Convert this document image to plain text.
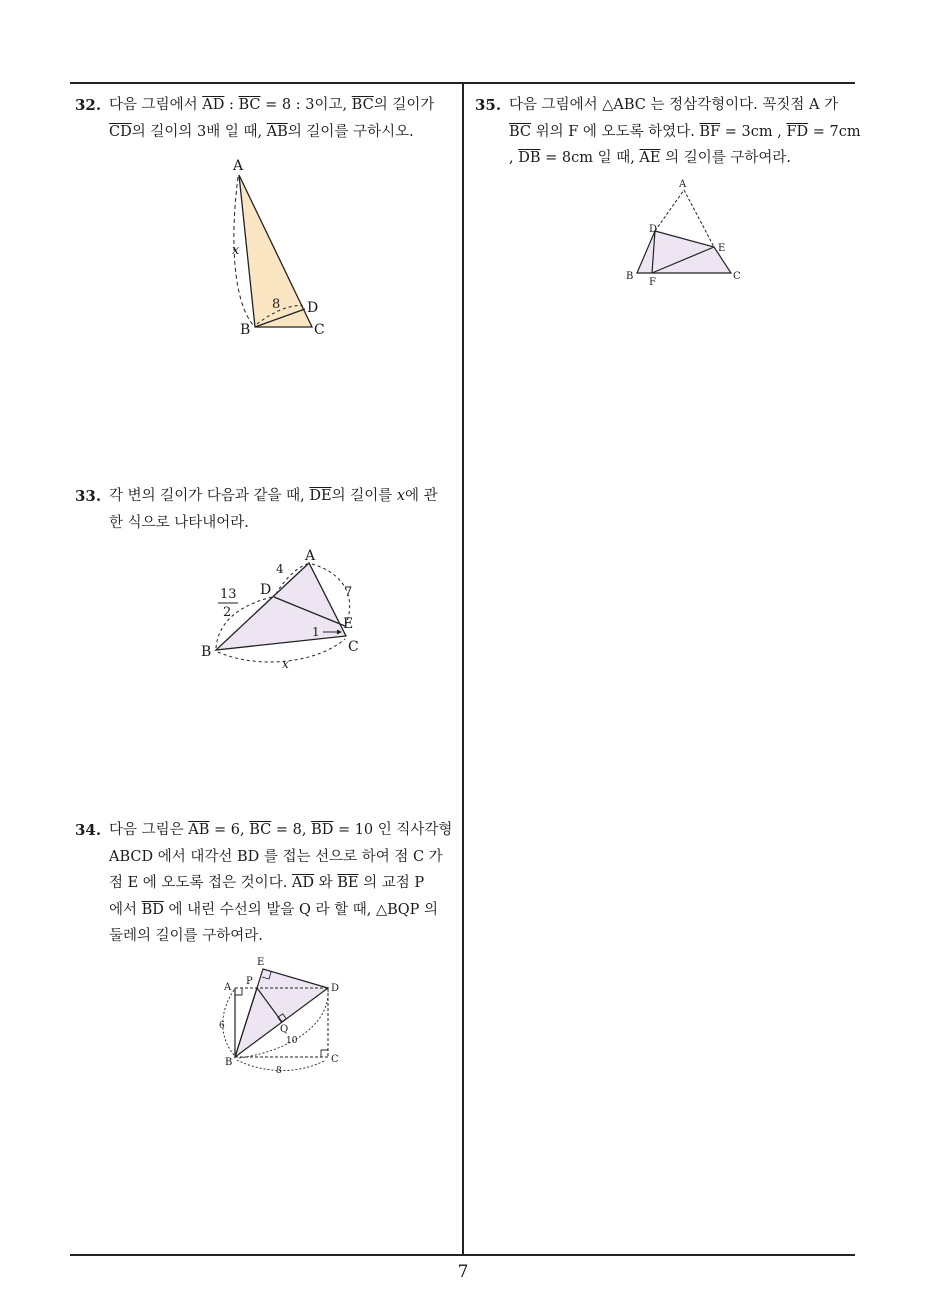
32. 다음 그림에서 $\overline{AD}$ : $\overline{BC} = 8$ : 3이고, $\overline{BC}$의 길이가
$\overline{CD}$의 길이의 3배 일 때, $\overline{AB}$의 길이를 구하시오.
A
x
8 D
B	C
33. 각 변의 길이가 다음과 같을 때, $\overline{DE}$의 길이를 x에 관
한 식으로 나타내어라.
A
4
7
D
13
2
E
1
C
B
x
34. 다음 그림은 $\overline{AB} = 6$, $\overline{BC} = 8$, $\overline{BD} = 10$ 인 직사각형
ABCD 에서 대각선 BD 를 접는 선으로 하여 점 C 가
점 E 에 오도록 접은 것이다. $\overline{AD}$ 와 $\overline{BE}$ 의 교점 P
에서 $\overline{BD}$ 에 내린 수선의 발을 Q 라 할 때, △BQP 의
둘레의 길이를 구하여라.
E
P
A	D
6	Q
10
B	C
8
35. 다음 그림에서 △ABC 는 정삼각형이다. 꼭짓점 A 가
$\overline{BC}$ 위의 F 에 오도록 하였다. $\overline{BF} = 3cm$ , $\overline{FD} = 7cm$
, $\overline{DB} = 8cm$ 일 때, $\overline{AE}$ 의 길이를 구하여라.
A
D
E
B	C
F
7
